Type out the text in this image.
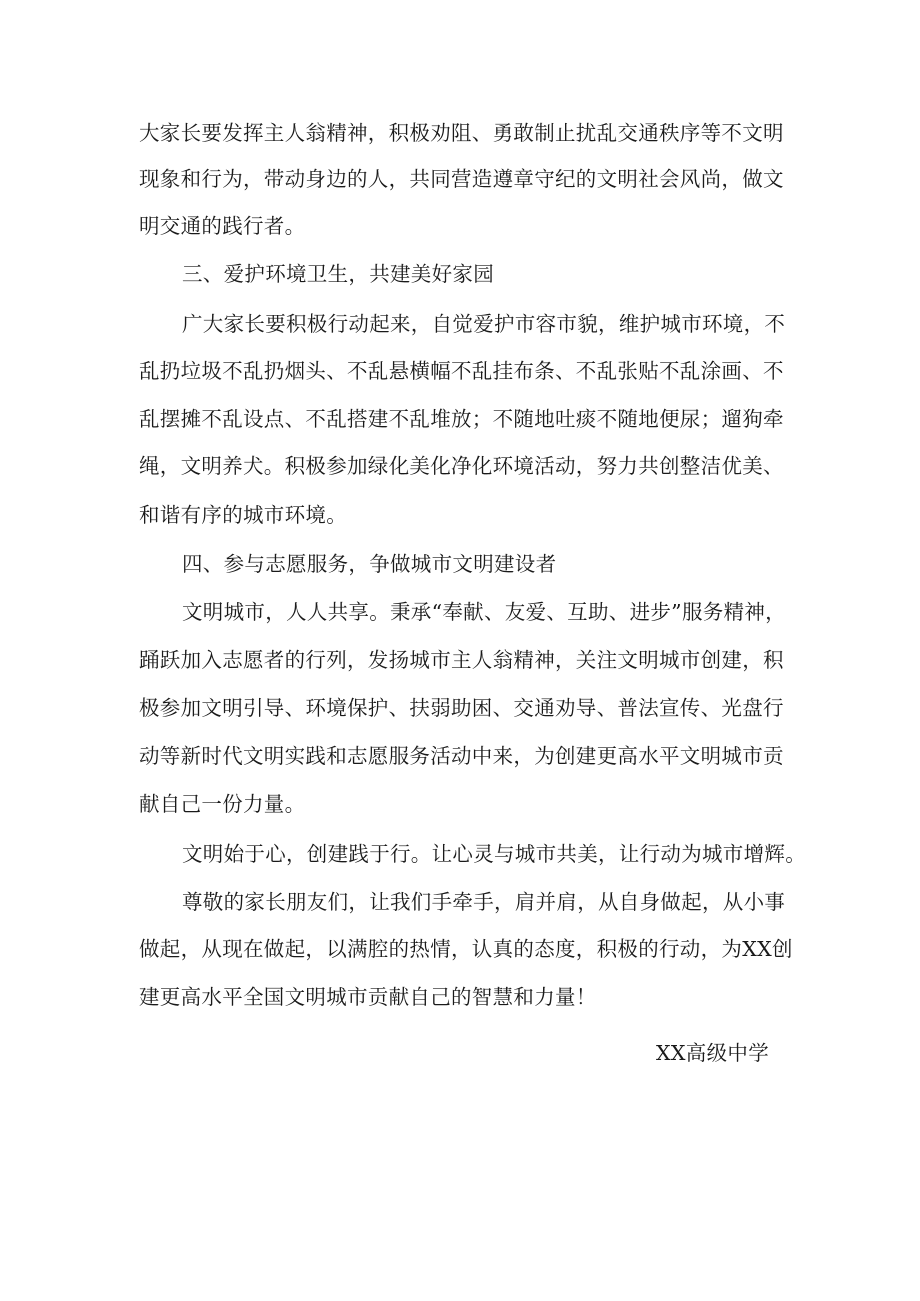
大家长要发挥主人翁精神，积极劝阻、勇敢制止扰乱交通秩序等不文明
现象和行为，带动身边的人，共同营造遵章守纪的文明社会风尚，做文
明交通的践行者。
三、爱护环境卫生，共建美好家园
广大家长要积极行动起来，自觉爱护市容市貌，维护城市环境，不
乱扔垃圾不乱扔烟头、不乱悬横幅不乱挂布条、不乱张贴不乱涂画、不
乱摆摊不乱设点、不乱搭建不乱堆放；不随地吐痰不随地便尿；遛狗牵
绳，文明养犬。积极参加绿化美化净化环境活动，努力共创整洁优美、
和谐有序的城市环境。
四、参与志愿服务，争做城市文明建设者
文明城市，人人共享。秉承“奉献、友爱、互助、进步”服务精神，
踊跃加入志愿者的行列，发扬城市主人翁精神，关注文明城市创建，积
极参加文明引导、环境保护、扶弱助困、交通劝导、普法宣传、光盘行
动等新时代文明实践和志愿服务活动中来，为创建更高水平文明城市贡
献自己一份力量。
文明始于心，创建践于行。让心灵与城市共美，让行动为城市增辉。
尊敬的家长朋友们，让我们手牵手，肩并肩，从自身做起，从小事
做起，从现在做起，以满腔的热情，认真的态度，积极的行动，为XX创
建更高水平全国文明城市贡献自己的智慧和力量！
XX高级中学
